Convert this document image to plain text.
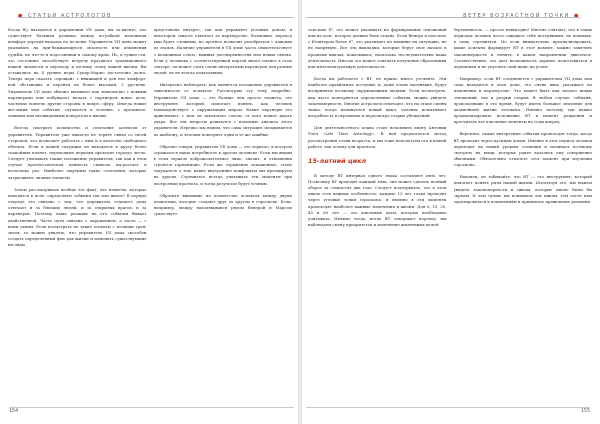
● СТАТЬИ АСТРОЛОГОВ

Когда В\\ находится в управлении VII дома, вы за-висите, что существует большая разница между ко-робкой маленькая комфорт дорогих вкладок по по-коям. Управитель VII дома может указывать на при-ближающуюся опасность или изменения судьбы, но что-то в подсознании в самому краю. Но, в сущно-сти, это состояние способствует встречу праздного традиционного нашей личности и переходу к но-вому этапу вашей жизни. Вы оставались на 4 уровне игры Супер-Марио достаточно долго. Теперь пора сказать «прощай» с книжицей и для нее комфорт-ной обстановке и перейти на более высокий, 5 уро-вень. Управитель VII дома обычно вызывает как знакомство с новыми партнерами или побуждает начать с партнером новое дело, частично вовлечь другие стороны в некую сферу. Иногда новые же-лания или события, случаются в течение, с противопо-ложным или неожиданным поворотом в жизни.

Всегда смотрите количество и сочетание аспектов от управителя. Управитель уже никогда не теряет связи со своей стороной, что позволяет работать с ним и в качестве свободного объекта. Если в вашей ситуации он находится в кругу более спокойных планет, переходные периоды проходят гораздо легче. Следует учитывать также положение управителя, так как в этом случае прогностическая ценность символа вы-растает в несколько раз. Наиболее ощутимы такие сочетания, которые затрагивают личные планеты.

Зачем рассматривать вообще тот факт, что планеты, которые находятся в поле, определяют события так или иначе? В первую очередь это связано с тем, что управитель седьмого дома отвечает и за близких людей, и за открытых врагов, и за партнеров. Поэтому ваша реакция на его события бывает двойственной. Часть пути связана с окружением, а часть — с вами самим. Если посмотреть на такие аспекты с позиции тран-зитов, то можно увидеть, что управитель VII дома способен создать определенный фон для жизни и изменить существующие взгляды.

представлял интерес, так как управляет угловым домом, в некотором смысле отвечает за партнерство. Возможно, переход ваш будет сложным, но прогноз позволит разобраться с каждым из этапов. Наличие управителя в VII доме часто свидетельствует о возможном союзе, важных договоренностях или новых связях. Если у человека с соответствующей картой много планет в этом секторе, он может стать очень интересным партнером для разных людей, но не всегда подходящим.

Интересно наблюдать, как меняется положение управителя в зависимости от аспектов. Рассмотрим эту тему подробно. Управитель VII дома — это больше чем просто планета; это инструмент, который помогает понять, как человек взаимодействует с окружающим миром. Какие партнеры его привлекают, с кем он заключает союзы, от кого может ждать удара. Все эти вопросы решаются с помощью анализа этого управителя. Нередко мы видим, что сама ситуация складывается по шаблону, и человек повторяет одни и те же ошибки.

Образно говоря, управитель VII дома — это зеркало, в котором отражается наша потребность в другом человеке. Если мы видим в этом зеркале доброжелательное лицо, значит, и отношения строятся гармонично. Если же отражение искаженное, стоит задуматься о том, какие внутренние конфликты мы проецируем на других. Стремитесь всегда учитывать эти моменты при построении прогноза, и тогда результат будет точным.

Обратите внимание на количество аспектов между двумя планетами, которые создают друг за другом в гороскопе. Если, например, между находящимися рядом Венерой и Марсом существует

154
ВЕТЕР ВОЗРАСТНОЙ ТОЧКИ ●

секстиль 4°, это может указывать на формирование отношений или на долг, которое должно быть отдано. Если Венера в секстиле с Юпитером более 6°, это указывает на влияние на ситуацию, но не напрямую. Все эти выкладки, которые берут свое начало в прошлых циклах, показывают, насколько последовательна наша деятельность. Иногда это может означать получение образования или интеллектуальную деятельность.

Когда вы работаете с ВТ, не нужно много уточнять. Эти наиболее правильные поступки, и, даже очень маленькие, будут восприняты по-иному окружающими людьми. Если посмотреть, как часто повторяются определенные события, можно увидеть закономерность. Многие астрологи отмечают, что на этапе смены знака, когда начинается новый цикл, человек испытывает потребность в переменах и пересмотре старых убеждений.

Для деятельностного плана стоит вспомнить книгу Антонии Уэлч «Life Time Astrology». В ней предлагается метод рассмотрения точки возраста, и мы тоже используем его в нашей работе, как основу для прогноза.

15-летний цикл

В методе ВТ интервал одного знака составляет пять лет. Поскольку ВТ проходит каждый знак, она может сделать полный оборот за семьдесят два года. Следует подчеркнуть, что в этом цикле есть важная особенность: каждые 15 лет точка проходит через угловые точки гороскопа, и именно в эти моменты происходят наиболее важные изменения в жизни. Для 0, 15, 30, 45 и 60 лет — это ключевые даты, которые необходимо учитывать. Именно тогда, когда ВТ совершает переход, мы наблюдаем смену приоритетов и изменение жизненных целей.

беременность, — просто невыгодно! Многие считают, что в таких периодах человек часто ощущает себя потерянным, не понимая, к чему стремиться. Но если внимательно проанализировать, какие аспекты формирует ВТ в этот момент, можно заметить закономерность и понять, в каком направлении двигаться. Соответственно, это дает возможность заранее подготовиться к переменам и не упустить свой шанс на успех.

Например, если ВТ соединяется с управителем VII дома или сама находится в этом доме, это очень явно указывает на изменения в партнерстве. Это может быть как начало новых отношений, так и разрыв старых. В любом случае, события, происходящие в это время, будут иметь большое значение для дальнейшей жизни человека. Именно поэтому так важно проанализировать положение ВТ в момент рождения и просчитать все ключевые моменты на годы вперед.

Вероятно, самые интересные события происходят тогда, когда ВТ проходит через куспиды домов. Именно в этот период человек переходит на новый уровень сознания и начинает по-иному смотреть на вещи, которые ранее казались ему совершенно обычными. Обязательно отметьте этот момент при изучении гороскопа.

Наконец, не забывайте, что ВТ — это инструмент, который помогает понять ритм нашей жизни. Используя его, мы можем увидеть закономерности и циклы, которые иначе были бы скрыты. И чем лучше мы понимаем эти циклы, тем легче нам адаптироваться к изменениям и принимать правильные решения.

155
